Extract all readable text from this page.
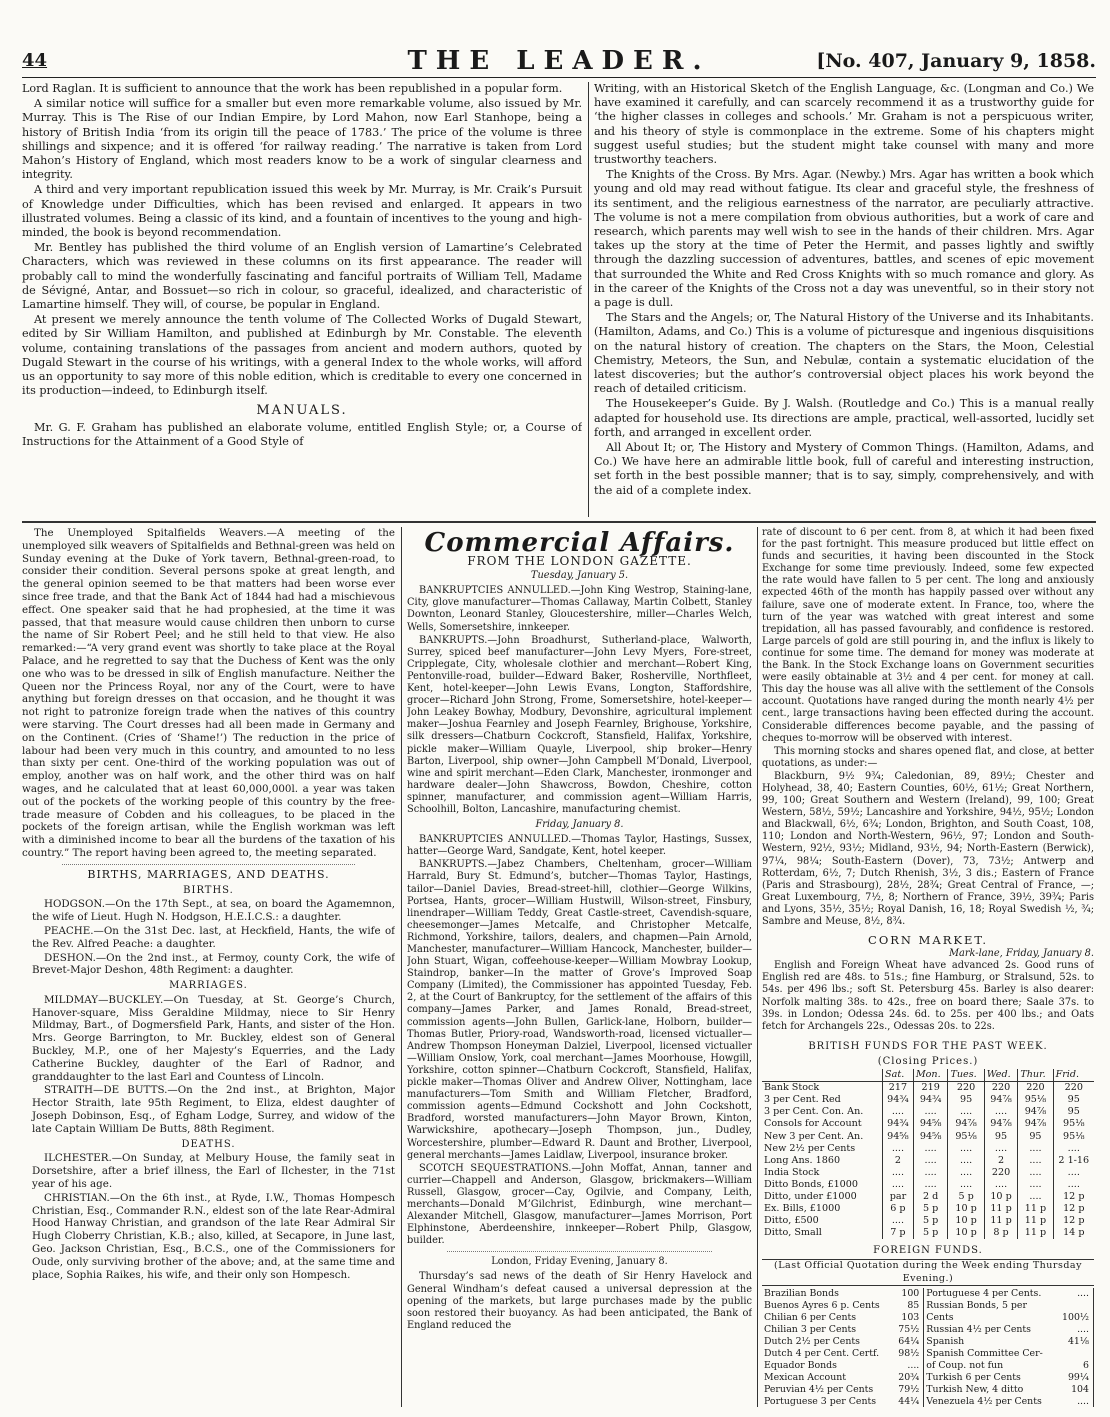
44	THE LEADER.	[No. 407, January 9, 1858.

Lord Raglan. It is sufficient to announce that the work has been republished in a popular form.

A similar notice will suffice for a smaller but even more remarkable volume, also issued by Mr. Murray. This is The Rise of our Indian Empire, by Lord Mahon, now Earl Stanhope, being a history of British India ‘from its origin till the peace of 1783.’ The price of the volume is three shillings and sixpence; and it is offered ‘for railway reading.’ The narrative is taken from Lord Mahon’s History of England, which most readers know to be a work of singular clearness and integrity.

A third and very important republication issued this week by Mr. Murray, is Mr. Craik’s Pursuit of Knowledge under Difficulties, which has been revised and enlarged. It appears in two illustrated volumes. Being a classic of its kind, and a fountain of incentives to the young and high-minded, the book is beyond recommendation.

Mr. Bentley has published the third volume of an English version of Lamartine’s Celebrated Characters, which was reviewed in these columns on its first appearance. The reader will probably call to mind the wonderfully fascinating and fanciful portraits of William Tell, Madame de Sévigné, Antar, and Bossuet—so rich in colour, so graceful, idealized, and characteristic of Lamartine himself. They will, of course, be popular in England.

At present we merely announce the tenth volume of The Collected Works of Dugald Stewart, edited by Sir William Hamilton, and published at Edinburgh by Mr. Constable. The eleventh volume, containing translations of the passages from ancient and modern authors, quoted by Dugald Stewart in the course of his writings, with a general Index to the whole works, will afford us an opportunity to say more of this noble edition, which is creditable to every one concerned in its production—indeed, to Edinburgh itself.

MANUALS.

Mr. G. F. Graham has published an elaborate volume, entitled English Style; or, a Course of Instructions for the Attainment of a Good Style of

Writing, with an Historical Sketch of the English Language, &c. (Longman and Co.) We have examined it carefully, and can scarcely recommend it as a trustworthy guide for ‘the higher classes in colleges and schools.’ Mr. Graham is not a perspicuous writer, and his theory of style is commonplace in the extreme. Some of his chapters might suggest useful studies; but the student might take counsel with many and more trustworthy teachers.

The Knights of the Cross. By Mrs. Agar. (Newby.) Mrs. Agar has written a book which young and old may read without fatigue. Its clear and graceful style, the freshness of its sentiment, and the religious earnestness of the narrator, are peculiarly attractive. The volume is not a mere compilation from obvious authorities, but a work of care and research, which parents may well wish to see in the hands of their children. Mrs. Agar takes up the story at the time of Peter the Hermit, and passes lightly and swiftly through the dazzling succession of adventures, battles, and scenes of epic movement that surrounded the White and Red Cross Knights with so much romance and glory. As in the career of the Knights of the Cross not a day was uneventful, so in their story not a page is dull.

The Stars and the Angels; or, The Natural History of the Universe and its Inhabitants. (Hamilton, Adams, and Co.) This is a volume of picturesque and ingenious disquisitions on the natural history of creation. The chapters on the Stars, the Moon, Celestial Chemistry, Meteors, the Sun, and Nebulæ, contain a systematic elucidation of the latest discoveries; but the author’s controversial object places his work beyond the reach of detailed criticism.

The Housekeeper’s Guide. By J. Walsh. (Routledge and Co.) This is a manual really adapted for household use. Its directions are ample, practical, well-assorted, lucidly set forth, and arranged in excellent order.

All About It; or, The History and Mystery of Common Things. (Hamilton, Adams, and Co.) We have here an admirable little book, full of careful and interesting instruction, set forth in the best possible manner; that is to say, simply, comprehensively, and with the aid of a complete index.

The Unemployed Spitalfields Weavers.—A meeting of the unemployed silk weavers of Spitalfields and Bethnal-green was held on Sunday evening at the Duke of York tavern, Bethnal-green-road, to consider their condition. Several persons spoke at great length, and the general opinion seemed to be that matters had been worse ever since free trade, and that the Bank Act of 1844 had had a mischievous effect. One speaker said that he had prophesied, at the time it was passed, that that measure would cause children then unborn to curse the name of Sir Robert Peel; and he still held to that view. He also remarked:—“A very grand event was shortly to take place at the Royal Palace, and he regretted to say that the Duchess of Kent was the only one who was to be dressed in silk of English manufacture. Neither the Queen nor the Princess Royal, nor any of the Court, were to have anything but foreign dresses on that occasion, and he thought it was not right to patronize foreign trade when the natives of this country were starving. The Court dresses had all been made in Germany and on the Continent. (Cries of ‘Shame!’) The reduction in the price of labour had been very much in this country, and amounted to no less than sixty per cent. One-third of the working population was out of employ, another was on half work, and the other third was on half wages, and he calculated that at least 60,000,000l. a year was taken out of the pockets of the working people of this country by the free-trade measure of Cobden and his colleagues, to be placed in the pockets of the foreign artisan, while the English workman was left with a diminished income to bear all the burdens of the taxation of his country.” The report having been agreed to, the meeting separated.

BIRTHS, MARRIAGES, AND DEATHS.
BIRTHS.

HODGSON.—On the 17th Sept., at sea, on board the Agamemnon, the wife of Lieut. Hugh N. Hodgson, H.E.I.C.S.: a daughter.

PEACHE.—On the 31st Dec. last, at Heckfield, Hants, the wife of the Rev. Alfred Peache: a daughter.

DESHON.—On the 2nd inst., at Fermoy, county Cork, the wife of Brevet-Major Deshon, 48th Regiment: a daughter.

MARRIAGES.

MILDMAY—BUCKLEY.—On Tuesday, at St. George’s Church, Hanover-square, Miss Geraldine Mildmay, niece to Sir Henry Mildmay, Bart., of Dogmersfield Park, Hants, and sister of the Hon. Mrs. George Barrington, to Mr. Buckley, eldest son of General Buckley, M.P., one of her Majesty’s Equerries, and the Lady Catherine Buckley, daughter of the Earl of Radnor, and granddaughter to the last Earl and Countess of Lincoln.

STRAITH—DE BUTTS.—On the 2nd inst., at Brighton, Major Hector Straith, late 95th Regiment, to Eliza, eldest daughter of Joseph Dobinson, Esq., of Egham Lodge, Surrey, and widow of the late Captain William De Butts, 88th Regiment.

DEATHS.

ILCHESTER.—On Sunday, at Melbury House, the family seat in Dorsetshire, after a brief illness, the Earl of Ilchester, in the 71st year of his age.

CHRISTIAN.—On the 6th inst., at Ryde, I.W., Thomas Hompesch Christian, Esq., Commander R.N., eldest son of the late Rear-Admiral Hood Hanway Christian, and grandson of the late Rear Admiral Sir Hugh Cloberry Christian, K.B.; also, killed, at Secapore, in June last, Geo. Jackson Christian, Esq., B.C.S., one of the Commissioners for Oude, only surviving brother of the above; and, at the same time and place, Sophia Raikes, his wife, and their only son Hompesch.

Commercial Affairs.
FROM THE LONDON GAZETTE.
Tuesday, January 5.

BANKRUPTCIES ANNULLED.—John King Westrop, Staining-lane, City, glove manufacturer—Thomas Callaway, Martin Colbett, Stanley Downton, Leonard Stanley, Gloucestershire, miller—Charles Welch, Wells, Somersetshire, innkeeper.

BANKRUPTS.—John Broadhurst, Sutherland-place, Walworth, Surrey, spiced beef manufacturer—John Levy Myers, Fore-street, Cripplegate, City, wholesale clothier and merchant—Robert King, Pentonville-road, builder—Edward Baker, Rosherville, Northfleet, Kent, hotel-keeper—John Lewis Evans, Longton, Staffordshire, grocer—Richard John Strong, Frome, Somersetshire, hotel-keeper—John Leakey Bowhay, Modbury, Devonshire, agricultural implement maker—Joshua Fearnley and Joseph Fearnley, Brighouse, Yorkshire, silk dressers—Chatburn Cockcroft, Stansfield, Halifax, Yorkshire, pickle maker—William Quayle, Liverpool, ship broker—Henry Barton, Liverpool, ship owner—John Campbell M’Donald, Liverpool, wine and spirit merchant—Eden Clark, Manchester, ironmonger and hardware dealer—John Shawcross, Bowdon, Cheshire, cotton spinner, manufacturer, and commission agent—William Harris, Schoolhill, Bolton, Lancashire, manufacturing chemist.

Friday, January 8.

BANKRUPTCIES ANNULLED.—Thomas Taylor, Hastings, Sussex, hatter—George Ward, Sandgate, Kent, hotel keeper.

BANKRUPTS.—Jabez Chambers, Cheltenham, grocer—William Harrald, Bury St. Edmund’s, butcher—Thomas Taylor, Hastings, tailor—Daniel Davies, Bread-street-hill, clothier—George Wilkins, Portsea, Hants, grocer—William Hustwill, Wilson-street, Finsbury, linendraper—William Teddy, Great Castle-street, Cavendish-square, cheesemonger—James Metcalfe, and Christopher Metcalfe, Richmond, Yorkshire, tailors, dealers, and chapmen—Pain Arnold, Manchester, manufacturer—William Hancock, Manchester, builder—John Stuart, Wigan, coffeehouse-keeper—William Mowbray Lookup, Staindrop, banker—In the matter of Grove’s Improved Soap Company (Limited), the Commissioner has appointed Tuesday, Feb. 2, at the Court of Bankruptcy, for the settlement of the affairs of this company—James Parker, and James Ronald, Bread-street, commission agents—John Bullen, Garlick-lane, Holborn, builder—Thomas Butler, Priory-road, Wandsworth-road, licensed victualler—Andrew Thompson Honeyman Dalziel, Liverpool, licensed victualler—William Onslow, York, coal merchant—James Moorhouse, Howgill, Yorkshire, cotton spinner—Chatburn Cockcroft, Stansfield, Halifax, pickle maker—Thomas Oliver and Andrew Oliver, Nottingham, lace manufacturers—Tom Smith and William Fletcher, Bradford, commission agents—Edmund Cockshott and John Cockshott, Bradford, worsted manufacturers—John Mayor Brown, Kinton, Warwickshire, apothecary—Joseph Thompson, jun., Dudley, Worcestershire, plumber—Edward R. Daunt and Brother, Liverpool, general merchants—James Laidlaw, Liverpool, insurance broker.

SCOTCH SEQUESTRATIONS.—John Moffat, Annan, tanner and currier—Chappell and Anderson, Glasgow, brickmakers—William Russell, Glasgow, grocer—Cay, Ogilvie, and Company, Leith, merchants—Donald M’Gilchrist, Edinburgh, wine merchant—Alexander Mitchell, Glasgow, manufacturer—James Morrison, Port Elphinstone, Aberdeenshire, innkeeper—Robert Philp, Glasgow, builder.

London, Friday Evening, January 8.

Thursday’s sad news of the death of Sir Henry Havelock and General Windham’s defeat caused a universal depression at the opening of the markets, but large purchases made by the public soon restored their buoyancy. As had been anticipated, the Bank of England reduced the

rate of discount to 6 per cent. from 8, at which it had been fixed for the past fortnight. This measure produced but little effect on funds and securities, it having been discounted in the Stock Exchange for some time previously. Indeed, some few expected the rate would have fallen to 5 per cent. The long and anxiously expected 46th of the month has happily passed over without any failure, save one of moderate extent. In France, too, where the turn of the year was watched with great interest and some trepidation, all has passed favourably, and confidence is restored. Large parcels of gold are still pouring in, and the influx is likely to continue for some time. The demand for money was moderate at the Bank. In the Stock Exchange loans on Government securities were easily obtainable at 3½ and 4 per cent. for money at call. This day the house was all alive with the settlement of the Consols account. Quotations have ranged during the month nearly 4½ per cent., large transactions having been effected during the account. Considerable differences become payable, and the passing of cheques to-morrow will be observed with interest.

This morning stocks and shares opened flat, and close, at better quotations, as under:—

Blackburn, 9½ 9¾; Caledonian, 89, 89½; Chester and Holyhead, 38, 40; Eastern Counties, 60½, 61½; Great Northern, 99, 100; Great Southern and Western (Ireland), 99, 100; Great Western, 58½, 59½; Lancashire and Yorkshire, 94½, 95½; London and Blackwall, 6½, 6¾; London, Brighton, and South Coast, 108, 110; London and North-Western, 96½, 97; London and South-Western, 92½, 93½; Midland, 93½, 94; North-Eastern (Berwick), 97¼, 98¼; South-Eastern (Dover), 73, 73½; Antwerp and Rotterdam, 6½, 7; Dutch Rhenish, 3½, 3 dis.; Eastern of France (Paris and Strasbourg), 28½, 28¾; Great Central of France, —; Great Luxembourg, 7½, 8; Northern of France, 39½, 39¾; Paris and Lyons, 35½, 35½; Royal Danish, 16, 18; Royal Swedish ½, ¾; Sambre and Meuse, 8½, 8¾.

CORN MARKET.
Mark-lane, Friday, January 8.

English and Foreign Wheat have advanced 2s. Good runs of English red are 48s. to 51s.; fine Hamburg, or Stralsund, 52s. to 54s. per 496 lbs.; soft St. Petersburg 45s. Barley is also dearer: Norfolk malting 38s. to 42s., free on board there; Saale 37s. to 39s. in London; Odessa 24s. 6d. to 25s. per 400 lbs.; and Oats fetch for Archangels 22s., Odessas 20s. to 22s.

BRITISH FUNDS FOR THE PAST WEEK.
(Closing Prices.)
	Sat.	Mon.	Tues.	Wed.	Thur.	Frid.
Bank Stock	217	219	220	220	220	220
3 per Cent. Red	94¾	94¾	95	94⅞	95⅛	95
3 per Cent. Con. An.	....	....	....	....	94⅞	95
Consols for Account	94¾	94⅝	94⅞	94⅞	94⅞	95⅛
New 3 per Cent. An.	94⅝	94⅝	95⅛	95	95	95⅛
New 2½ per Cents	....	....	....	....	....	....
Long Ans. 1860	2	....	....	2	....	2 1-16
India Stock	....	....	....	220	....	....
Ditto Bonds, £1000	....	....	....	....	....	....
Ditto, under £1000	par	2 d	5 p	10 p	....	12 p
Ex. Bills, £1000	6 p	5 p	10 p	11 p	11 p	12 p
Ditto, £500	....	5 p	10 p	11 p	11 p	12 p
Ditto, Small	7 p	5 p	10 p	8 p	11 p	14 p
FOREIGN FUNDS.
(Last Official Quotation during the Week ending Thursday Evening.)
Brazilian Bonds	100	Portuguese 4 per Cents.	....
Buenos Ayres 6 p. Cents	85	Russian Bonds, 5 per	
Chilian 6 per Cents	103	Cents	100½
Chilian 3 per Cents	75½	Russian 4½ per Cents	....
Dutch 2½ per Cents	64¼	Spanish	41⅛
Dutch 4 per Cent. Certf.	98½	Spanish Committee Cer-	
Equador Bonds	....	of Coup. not fun	6
Mexican Account	20¾	Turkish 6 per Cents	99¼
Peruvian 4½ per Cents	79½	Turkish New, 4 ditto	104
Portuguese 3 per Cents	44¼	Venezuela 4½ per Cents	....
